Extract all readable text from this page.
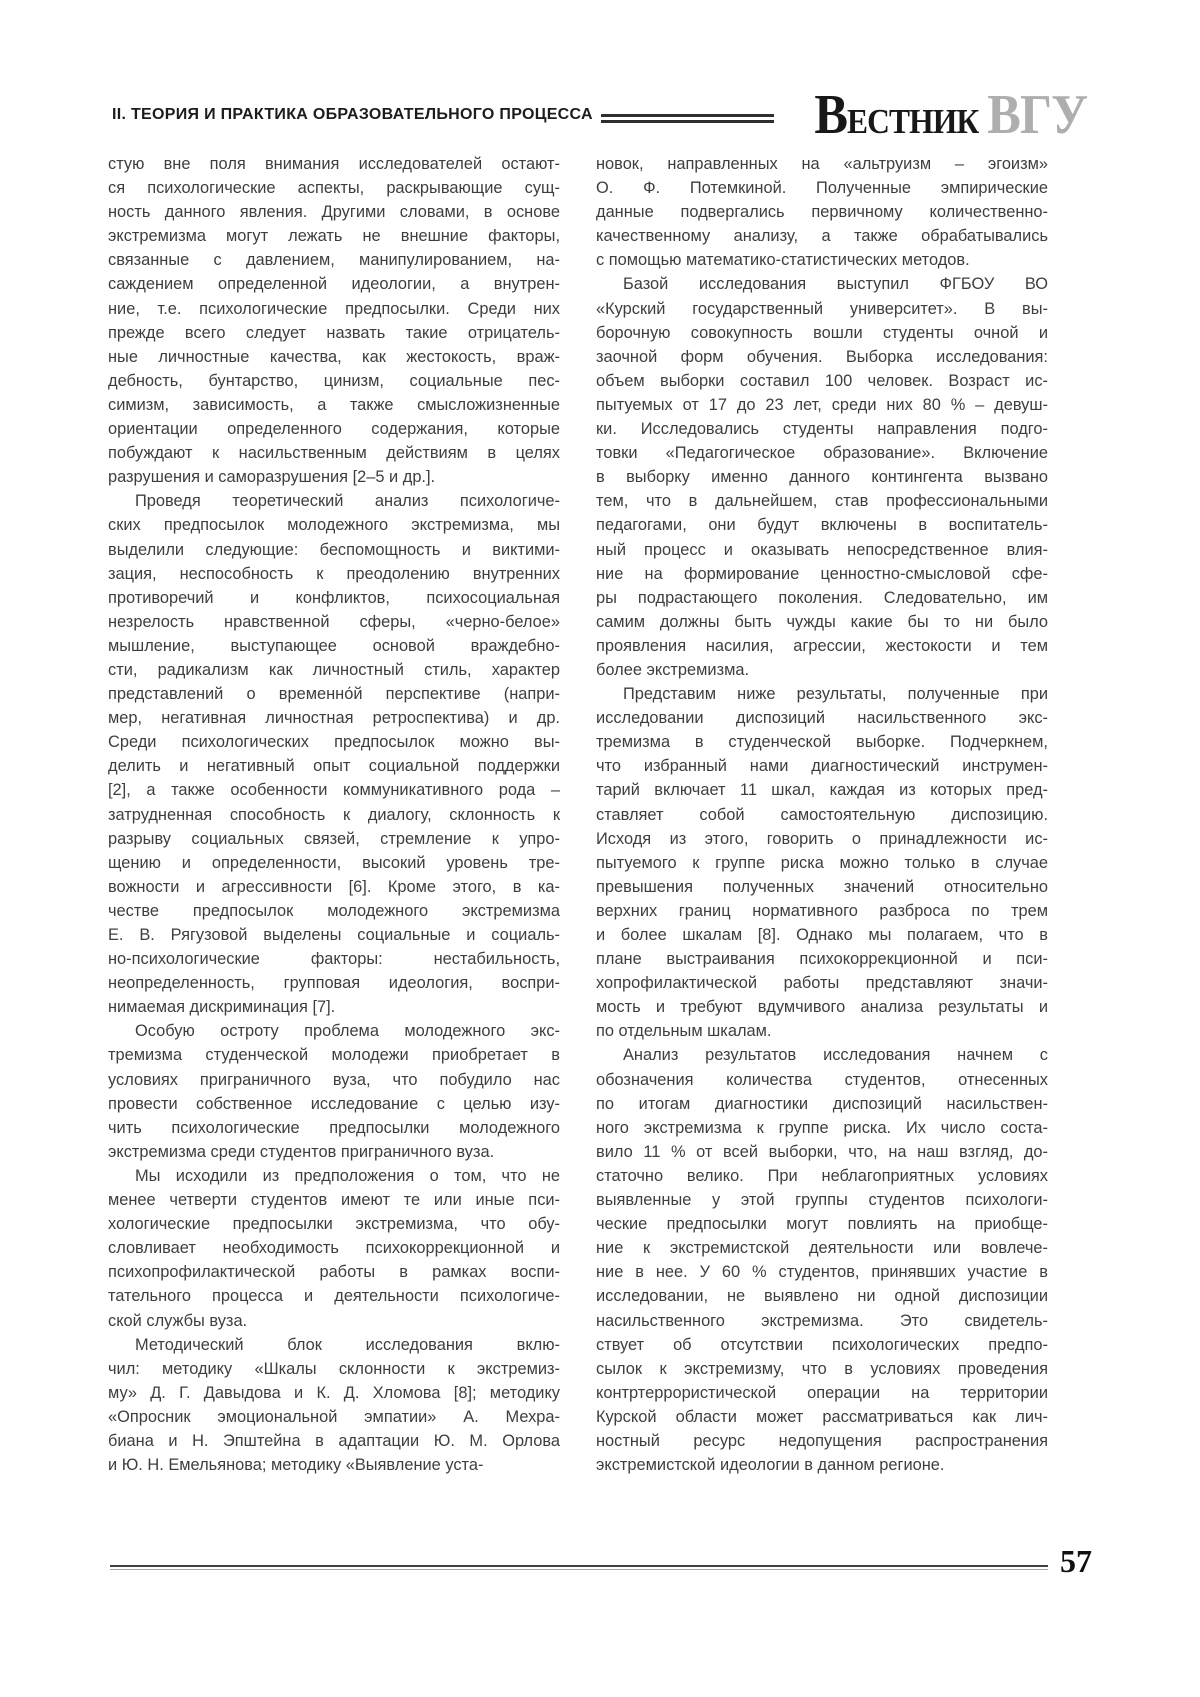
II. ТЕОРИЯ И ПРАКТИКА ОБРАЗОВАТЕЛЬНОГО ПРОЦЕССА	ВЕСТНИК ВГУ
стую вне поля внимания исследователей остают-
ся психологические аспекты, раскрывающие сущ-
ность данного явления. Другими словами, в основе
экстремизма могут лежать не внешние факторы,
связанные с давлением, манипулированием, на-
саждением определенной идеологии, а внутрен-
ние, т.е. психологические предпосылки. Среди них
прежде всего следует назвать такие отрицатель-
ные личностные качества, как жестокость, враж-
дебность, бунтарство, цинизм, социальные пес-
симизм, зависимость, а также смысложизненные
ориентации определенного содержания, которые
побуждают к насильственным действиям в целях
разрушения и саморазрушения [2–5 и др.].
Проведя теоретический анализ психологиче-
ских предпосылок молодежного экстремизма, мы
выделили следующие: беспомощность и виктими-
зация, неспособность к преодолению внутренних
противоречий и конфликтов, психосоциальная
незрелость нравственной сферы, «черно-белое»
мышление, выступающее основой враждебно-
сти, радикализм как личностный стиль, характер
представлений о временно́й перспективе (напри-
мер, негативная личностная ретроспектива) и др.
Среди психологических предпосылок можно вы-
делить и негативный опыт социальной поддержки
[2], а также особенности коммуникативного рода –
затрудненная способность к диалогу, склонность к
разрыву социальных связей, стремление к упро-
щению и определенности, высокий уровень тре-
вожности и агрессивности [6]. Кроме этого, в ка-
честве предпосылок молодежного экстремизма
Е. В. Рягузовой выделены социальные и социаль-
но-психологические факторы: нестабильность,
неопределенность, групповая идеология, воспри-
нимаемая дискриминация [7].
Особую остроту проблема молодежного экс-
тремизма студенческой молодежи приобретает в
условиях приграничного вуза, что побудило нас
провести собственное исследование с целью изу-
чить психологические предпосылки молодежного
экстремизма среди студентов приграничного вуза.
Мы исходили из предположения о том, что не
менее четверти студентов имеют те или иные пси-
хологические предпосылки экстремизма, что обу-
словливает необходимость психокоррекционной и
психопрофилактической работы в рамках воспи-
тательного процесса и деятельности психологиче-
ской службы вуза.
Методический блок исследования вклю-
чил: методику «Шкалы склонности к экстремиз-
му» Д. Г. Давыдова и К. Д. Хломова [8]; методику
«Опросник эмоциональной эмпатии» А. Мехра-
биана и Н. Эпштейна в адаптации Ю. М. Орлова
и Ю. Н. Емельянова; методику «Выявление уста-
новок, направленных на «альтруизм – эгоизм»
О. Ф. Потемкиной. Полученные эмпирические
данные подвергались первичному количественно-
качественному анализу, а также обрабатывались
с помощью математико-статистических методов.
Базой исследования выступил ФГБОУ ВО
«Курский государственный университет». В вы-
борочную совокупность вошли студенты очной и
заочной форм обучения. Выборка исследования:
объем выборки составил 100 человек. Возраст ис-
пытуемых от 17 до 23 лет, среди них 80 % – девуш-
ки. Исследовались студенты направления подго-
товки «Педагогическое образование». Включение
в выборку именно данного контингента вызвано
тем, что в дальнейшем, став профессиональными
педагогами, они будут включены в воспитатель-
ный процесс и оказывать непосредственное влия-
ние на формирование ценностно-смысловой сфе-
ры подрастающего поколения. Следовательно, им
самим должны быть чужды какие бы то ни было
проявления насилия, агрессии, жестокости и тем
более экстремизма.
Представим ниже результаты, полученные при
исследовании диспозиций насильственного экс-
тремизма в студенческой выборке. Подчеркнем,
что избранный нами диагностический инструмен-
тарий включает 11 шкал, каждая из которых пред-
ставляет собой самостоятельную диспозицию.
Исходя из этого, говорить о принадлежности ис-
пытуемого к группе риска можно только в случае
превышения полученных значений относительно
верхних границ нормативного разброса по трем
и более шкалам [8]. Однако мы полагаем, что в
плане выстраивания психокоррекционной и пси-
хопрофилактической работы представляют значи-
мость и требуют вдумчивого анализа результаты и
по отдельным шкалам.
Анализ результатов исследования начнем с
обозначения количества студентов, отнесенных
по итогам диагностики диспозиций насильствен-
ного экстремизма к группе риска. Их число соста-
вило 11 % от всей выборки, что, на наш взгляд, до-
статочно велико. При неблагоприятных условиях
выявленные у этой группы студентов психологи-
ческие предпосылки могут повлиять на приобще-
ние к экстремистской деятельности или вовлече-
ние в нее. У 60 % студентов, принявших участие в
исследовании, не выявлено ни одной диспозиции
насильственного экстремизма. Это свидетель-
ствует об отсутствии психологических предпо-
сылок к экстремизму, что в условиях проведения
контртеррористической операции на территории
Курской области может рассматриваться как лич-
ностный ресурс недопущения распространения
экстремистской идеологии в данном регионе.
57
